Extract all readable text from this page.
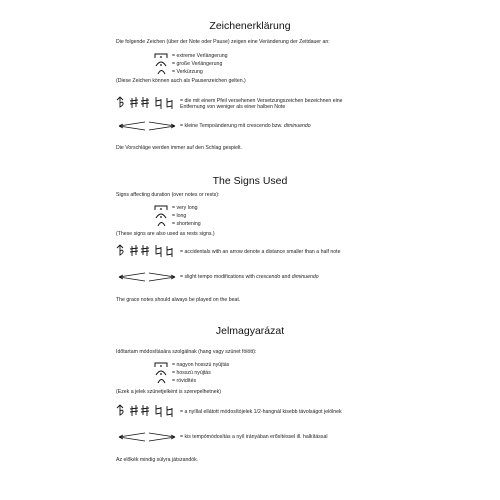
Zeichenerklärung
Die folgende Zeichen (über der Note oder Pause) zeigen eine Veränderung der Zeitdauer an:
= extreme Verlängerung
= große Verlängerung
= Verkürzung
(Diese Zeichen können auch als Pausenzeichen gelten.)
= die mit einem Pfeil versehenen Versetzungszeichen bezeichnen eine
Entfernung von weniger als einer halben Note
= kleine Tempoänderung mit crescendo bzw. diminuendo
Die Vorschläge werden immer auf den Schlag gespielt.
The Signs Used
Signs affecting duration (over notes or rests):
= very long
= long
= shortening
(These signs are also used as rests signs.)
= accidentals with an arrow denote a distance smaller than a half note
= slight tempo modifications with crescendo and diminuendo
The grace notes should always be played on the beat.
Jelmagyarázat
Időtartam módosítására szolgálnak (hang vagy szünet fölött):
= nagyon hosszú nyújtás
= hosszú nyújtás
= rövidítés
(Ezek a jelek szünetjelként is szerepelhetnek)
= a nyíllal ellátott módosítójelek 1/2-hangnál kisebb távolságot jelölnek
= kis tempómódosítás a nyíl irányában erősítéssel ill. halkítással
Az előkék mindig súlyra játszandók.
